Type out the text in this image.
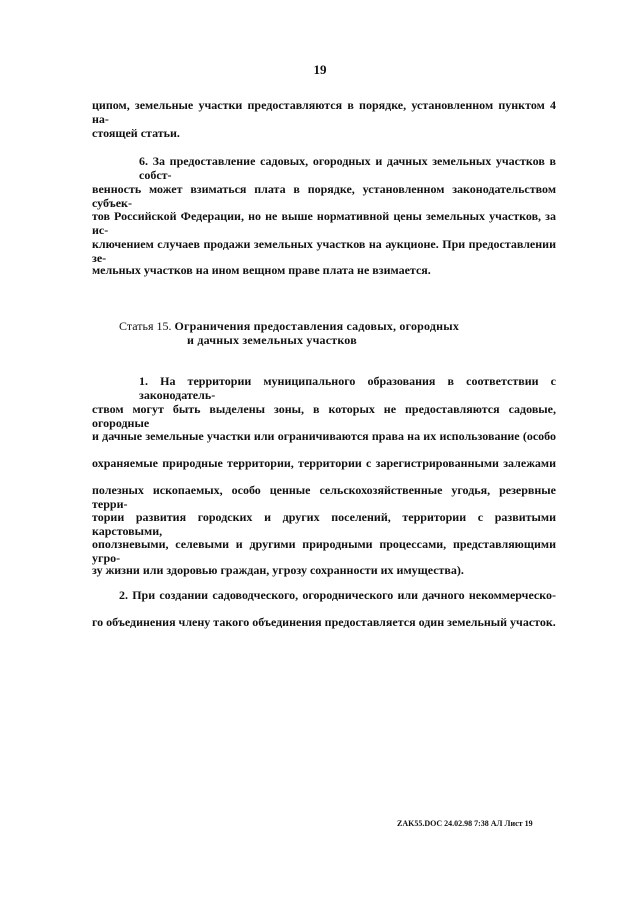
19
ципом, земельные участки предоставляются в порядке, установленном пунктом 4 на-
стоящей статьи.
6. За предоставление садовых, огородных и дачных земельных участков в собст-
венность может взиматься плата в порядке, установленном законодательством субъек-
тов Российской Федерации, но не выше нормативной цены земельных участков, за ис-
ключением случаев продажи земельных участков на аукционе. При предоставлении зе-
мельных участков на ином вещном праве плата не взимается.
Статья 15. Ограничения предоставления садовых, огородных
и дачных земельных участков
1. На территории муниципального образования в соответствии с законодатель-
ством могут быть выделены зоны, в которых не предоставляются садовые, огородные
и дачные земельные участки или ограничиваются права на их использование (особо
охраняемые природные территории, территории с зарегистрированными залежами
полезных ископаемых, особо ценные сельскохозяйственные угодья, резервные терри-
тории развития городских и других поселений, территории с развитыми карстовыми,
оползневыми, селевыми и другими природными процессами, представляющими угро-
зу жизни или здоровью граждан, угрозу сохранности их имущества).
2. При создании садоводческого, огороднического или дачного некоммерческо-
го объединения члену такого объединения предоставляется один земельный участок.
ZAK55.DOC 24.02.98 7:38 АЛ Лист 19
